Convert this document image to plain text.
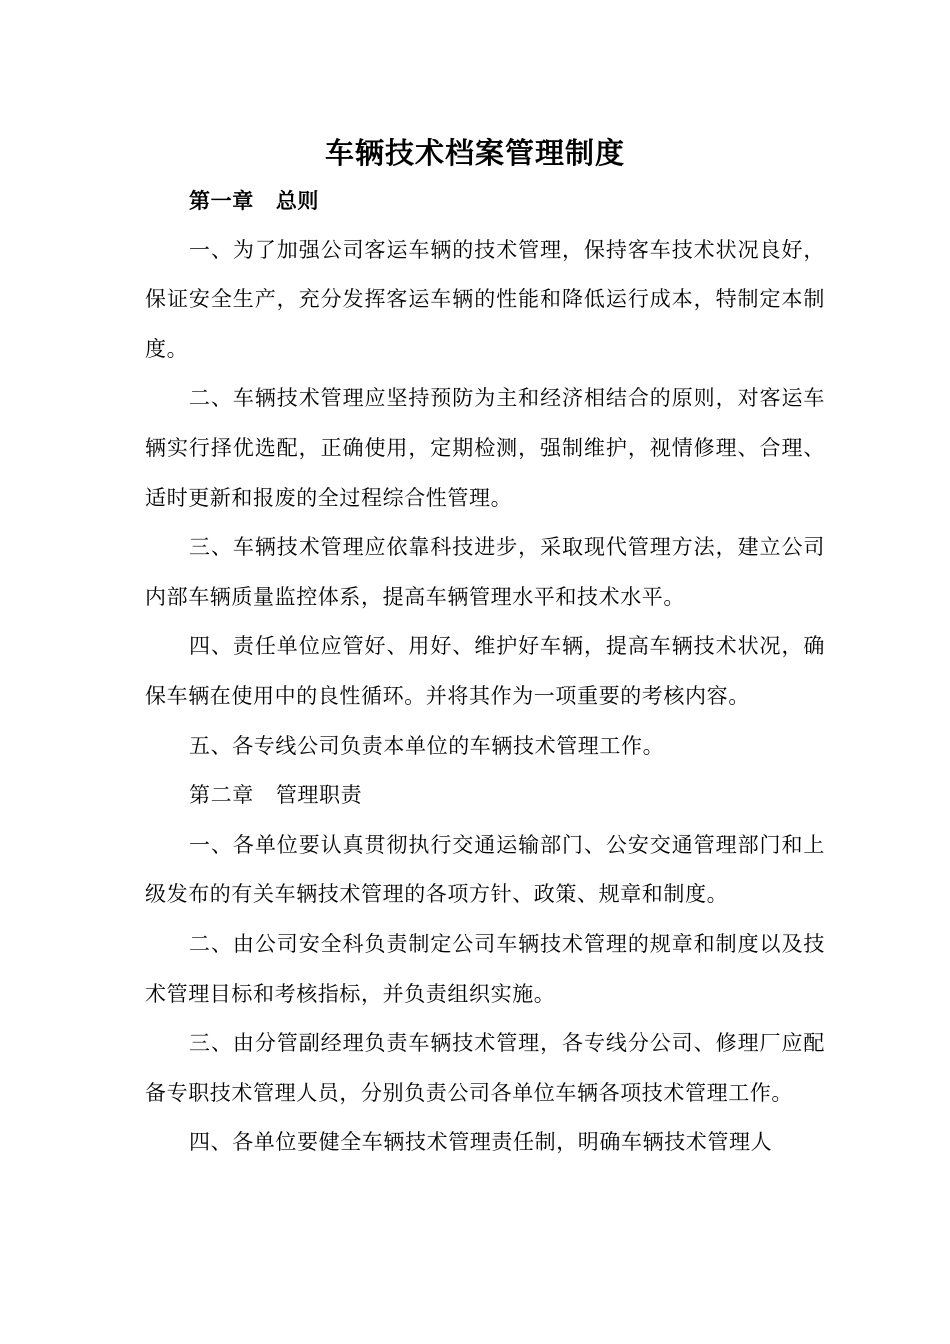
车辆技术档案管理制度

第一章 总则

一、为了加强公司客运车辆的技术管理，保持客车技术状况良好，保证安全生产，充分发挥客运车辆的性能和降低运行成本，特制定本制度。

二、车辆技术管理应坚持预防为主和经济相结合的原则，对客运车辆实行择优选配，正确使用，定期检测，强制维护，视情修理、合理、适时更新和报废的全过程综合性管理。

三、车辆技术管理应依靠科技进步，采取现代管理方法，建立公司内部车辆质量监控体系，提高车辆管理水平和技术水平。

四、责任单位应管好、用好、维护好车辆，提高车辆技术状况，确保车辆在使用中的良性循环。并将其作为一项重要的考核内容。

五、各专线公司负责本单位的车辆技术管理工作。

第二章 管理职责

一、各单位要认真贯彻执行交通运输部门、公安交通管理部门和上级发布的有关车辆技术管理的各项方针、政策、规章和制度。

二、由公司安全科负责制定公司车辆技术管理的规章和制度以及技术管理目标和考核指标，并负责组织实施。

三、由分管副经理负责车辆技术管理，各专线分公司、修理厂应配备专职技术管理人员，分别负责公司各单位车辆各项技术管理工作。

四、各单位要健全车辆技术管理责任制，明确车辆技术管理人
